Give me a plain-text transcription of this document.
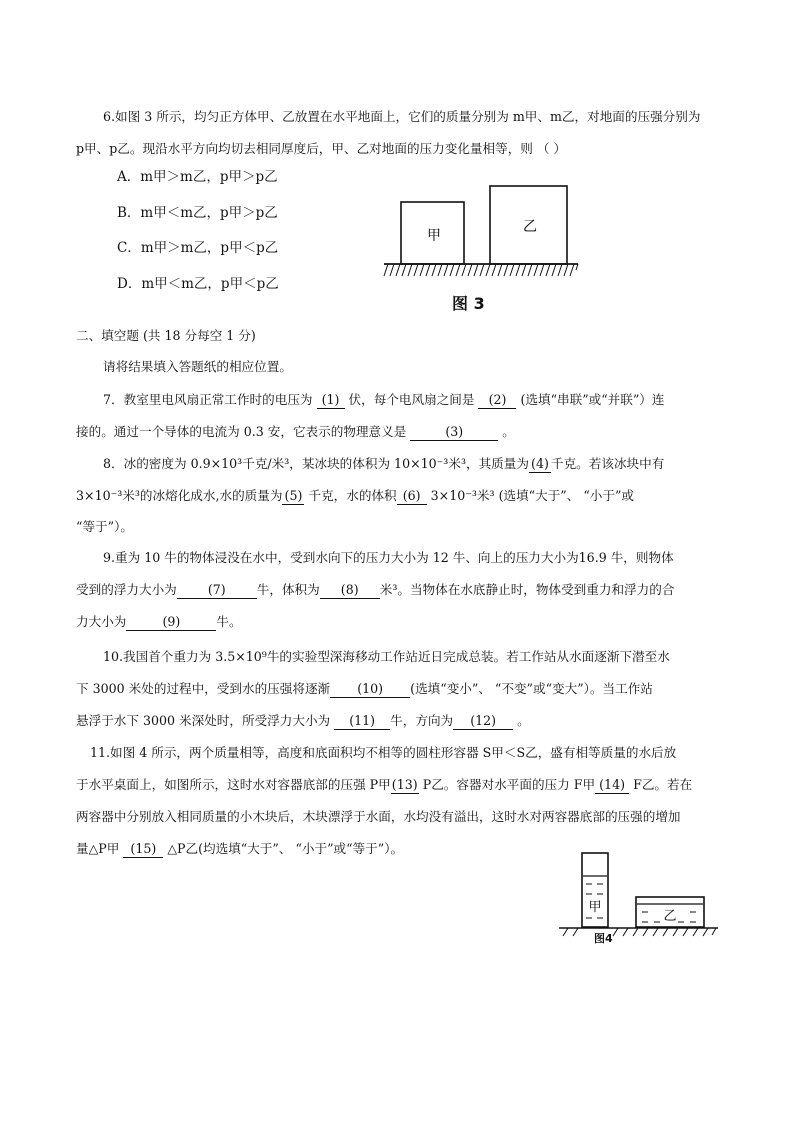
6.如图 3 所示，均匀正方体甲、乙放置在水平地面上，它们的质量分别为 m甲、m乙，对地面的压强分别为
p甲、p乙。现沿水平方向均切去相同厚度后，甲、乙对地面的压力变化量相等，则 （ ）
A．m甲＞m乙，p甲＞p乙
B．m甲＜m乙，p甲＞p乙
C．m甲＞m乙，p甲＜p乙
D．m甲＜m乙，p甲＜p乙
甲
乙
图 3
二、填空题 (共 18 分每空 1 分)
请将结果填入答题纸的相应位置。
7．教室里电风扇正常工作时的电压为 (1) 伏，每个电风扇之间是 (2) (选填“串联”或“并联”）连
接的。通过一个导体的电流为 0.3 安，它表示的物理意义是	(3)	。
8．冰的密度为 0.9×10³千克/米³，某冰块的体积为 10×10⁻³米³，其质量为 (4) 千克。若该冰块中有
3×10⁻³米³的冰熔化成水,水的质量为 (5) 千克，水的体积 (6) 3×10⁻³米³ (选填“大于”、 “小于”或
“等于”）。
9.重为 10 牛的物体浸没在水中，受到水向下的压力大小为 12 牛、向上的压力大小为16.9 牛，则物体
受到的浮力大小为 (7) 牛，体积为 (8) 米³。当物体在水底静止时，物体受到重力和浮力的合
力大小为	(9)	牛。
10.我国首个重力为 3.5×10⁹牛的实验型深海移动工作站近日完成总装。若工作站从水面逐渐下潜至水
下 3000 米处的过程中，受到水的压强将逐渐 (10) (选填“变小”、 “不变”或“变大”）。当工作站
悬浮于水下 3000 米深处时，所受浮力大小为 (11) 牛，方向为 (12) 。
11.如图 4 所示，两个质量相等，高度和底面积均不相等的圆柱形容器 S甲＜S乙，盛有相等质量的水后放
于水平桌面上，如图所示，这时水对容器底部的压强 P甲(13) P乙。容器对水平面的压力 F甲 (14) F乙。若在
两容器中分别放入相同质量的小木块后，木块漂浮于水面，水均没有溢出，这时水对两容器底部的压强的增加
量△P甲 (15) △P乙(均选填“大于”、 “小于”或“等于”）。
甲
乙
图4
